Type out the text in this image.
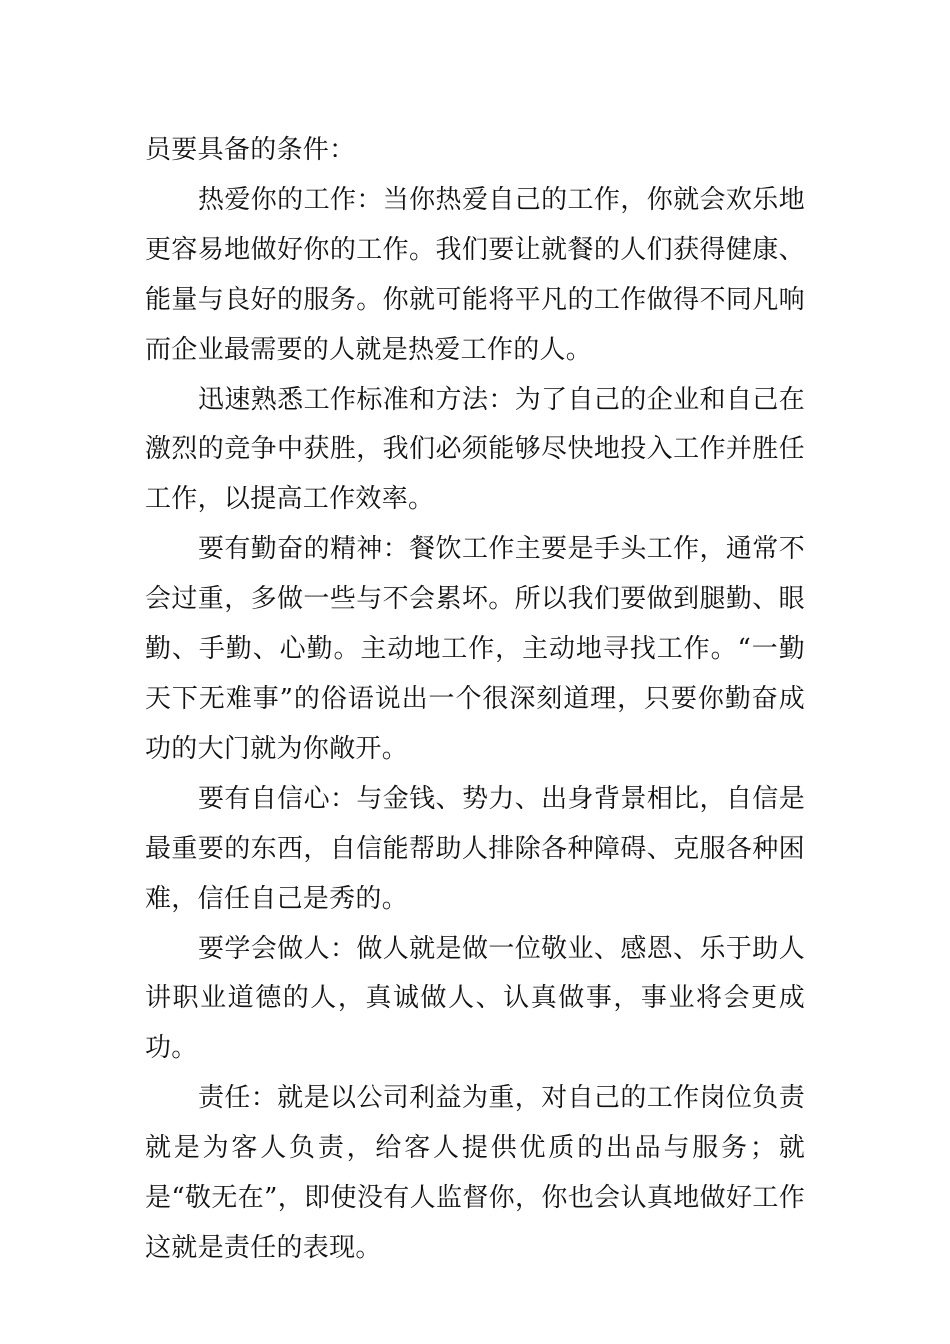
员要具备的条件：

热爱你的工作：当你热爱自己的工作，你就会欢乐地更容易地做好你的工作。我们要让就餐的人们获得健康、能量与良好的服务。你就可能将平凡的工作做得不同凡响而企业最需要的人就是热爱工作的人。

迅速熟悉工作标准和方法：为了自己的企业和自己在激烈的竞争中获胜，我们必须能够尽快地投入工作并胜任工作，以提高工作效率。

要有勤奋的精神：餐饮工作主要是手头工作，通常不会过重，多做一些与不会累坏。所以我们要做到腿勤、眼勤、手勤、心勤。主动地工作，主动地寻找工作。“一勤天下无难事”的俗语说出一个很深刻道理，只要你勤奋成功的大门就为你敞开。

要有自信心：与金钱、势力、出身背景相比，自信是最重要的东西，自信能帮助人排除各种障碍、克服各种困难，信任自己是秀的。

要学会做人：做人就是做一位敬业、感恩、乐于助人讲职业道德的人，真诚做人、认真做事，事业将会更成功。

责任：就是以公司利益为重，对自己的工作岗位负责就是为客人负责，给客人提供优质的出品与服务；就是“敬无在”，即使没有人监督你，你也会认真地做好工作这就是责任的表现。
